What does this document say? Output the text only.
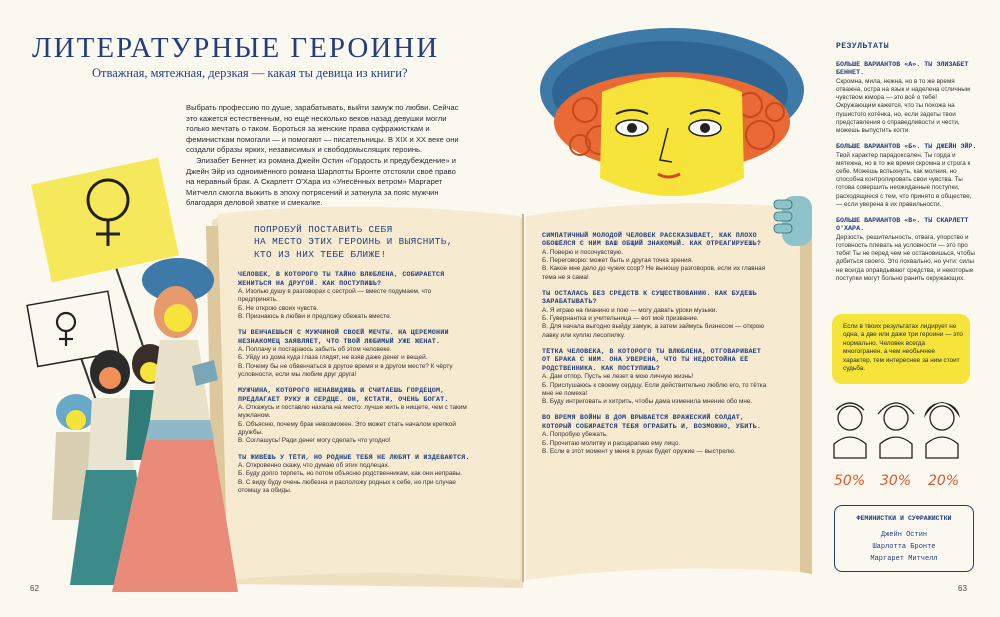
ЛИТЕРАТУРНЫЕ ГЕРОИНИ
Отважная, мятежная, дерзкая — какая ты девица из книги?

Выбрать профессию по душе, зарабатывать, выйти замуж по любви. Сейчас это кажется естественным, но ещё несколько веков назад девушки могли только мечтать о таком. Бороться за женские права суфражисткам и феминисткам помогали — и помогают — писательницы. В XIX и XX веке они создали образы ярких, независимых и свободомыслящих героинь.

Элизабет Беннет из романа Джейн Остин «Гордость и предубеждение» и Джейн Эйр из одноимённого романа Шарлотты Бронте отстояли своё право на неравный брак. А Скарлетт О'Хара из «Унесённых ветром» Маргарет Митчелл смогла выжить в эпоху потрясений и заткнула за пояс мужчин благодаря деловой хватке и смекалке.

ПОПРОБУЙ ПОСТАВИТЬ СЕБЯ
НА МЕСТО ЭТИХ ГЕРОИНЬ И ВЫЯСНИТЬ,
КТО ИЗ НИХ ТЕБЕ БЛИЖЕ!
ЧЕЛОВЕК, В КОТОРОГО ТЫ ТАЙНО ВЛЮБЛЕНА, СОБИРАЕТСЯ ЖЕНИТЬСЯ НА ДРУГОЙ. КАК ПОСТУПИШЬ?
А. Изолью душу в разговорах с сестрой — вместе подумаем, что предпринять.
Б. Не открою своих чувств.
В. Признаюсь в любви и предложу сбежать вместе.
ТЫ ВЕНЧАЕШЬСЯ С МУЖЧИНОЙ СВОЕЙ МЕЧТЫ. НА ЦЕРЕМОНИИ НЕЗНАКОМЕЦ ЗАЯВЛЯЕТ, ЧТО ТВОЙ ЛЮБИМЫЙ УЖЕ ЖЕНАТ.
А. Поплачу и постараюсь забыть об этом человеке.
Б. Уйду из дома куда глаза глядят, не взяв даже денег и вещей.
В. Почему бы не обвенчаться в другое время и в другом месте? К чёрту условности, если мы любим друг друга!
МУЖЧИНА, КОТОРОГО НЕНАВИДИШЬ И СЧИТАЕШЬ ГОРДЕЦОМ, ПРЕДЛАГАЕТ РУКУ И СЕРДЦЕ. ОН, КСТАТИ, ОЧЕНЬ БОГАТ.
А. Откажусь и поставлю нахала на место: лучше жить в нищете, чем с таким мужланом.
Б. Объясню, почему брак невозможен. Это может стать началом крепкой дружбы.
В. Соглашусь! Ради денег могу сделать что угодно!
ТЫ ЖИВЁШЬ У ТЁТИ, НО РОДНЫЕ ТЕБЯ НЕ ЛЮБЯТ И ИЗДЕВАЮТСЯ.
А. Откровенно скажу, что думаю об этих подлецах.
Б. Буду долго терпеть, но потом объясню родственникам, как они неправы.
В. С виду буду очень любезна и расположу родных к себе, но при случае отомщу за обиды.
СИМПАТИЧНЫЙ МОЛОДОЙ ЧЕЛОВЕК РАССКАЗЫВАЕТ, КАК ПЛОХО ОБОШЁЛСЯ С НИМ ВАШ ОБЩИЙ ЗНАКОМЫЙ. КАК ОТРЕАГИРУЕШЬ?
А. Поверю и посочувствую.
Б. Переговорю: может быть и другая точка зрения.
В. Какое мне дело до чужих ссор? Не выношу разговоров, если их главная тема не я сама!
ТЫ ОСТАЛАСЬ БЕЗ СРЕДСТВ К СУЩЕСТВОВАНИЮ. КАК БУДЕШЬ ЗАРАБАТЫВАТЬ?
А. Я играю на пианино и пою — могу давать уроки музыки.
Б. Гувернантка и учительница — вот моё призвание.
В. Для начала выгодно выйду замуж, а затем займусь бизнесом — открою лавку или куплю лесопилку.
ТЁТКА ЧЕЛОВЕКА, В КОТОРОГО ТЫ ВЛЮБЛЕНА, ОТГОВАРИВАЕТ ОТ БРАКА С НИМ. ОНА УВЕРЕНА, ЧТО ТЫ НЕДОСТОЙНА ЕЁ РОДСТВЕННИКА. КАК ПОСТУПИШЬ?
А. Дам отпор. Пусть не лезет в мою личную жизнь!
Б. Прислушаюсь к своему сердцу. Если действительно люблю его, то тётка мне не помеха!
В. Буду интриговать и хитрить, чтобы дама изменила мнение обо мне.
ВО ВРЕМЯ ВОЙНЫ В ДОМ ВРЫВАЕТСЯ ВРАЖЕСКИЙ СОЛДАТ, КОТОРЫЙ СОБИРАЕТСЯ ТЕБЯ ОГРАБИТЬ И, ВОЗМОЖНО, УБИТЬ.
А. Попробую убежать.
Б. Прочитаю молитву и расцарапаю ему лицо.
В. Если в этот момент у меня в руках будет оружие — выстрелю.
РЕЗУЛЬТАТЫ
БОЛЬШЕ ВАРИАНТОВ «А». ТЫ ЭЛИЗАБЕТ БЕННЕТ.
Скромна, мила, нежна, но в то же время отважна, остра на язык и наделена отличным чувством юмора — это всё о тебе! Окружающим кажется, что ты похожа на пушистого котёнка, но, если задеты твои представления о справедливости и чести, можешь выпустить когти.
БОЛЬШЕ ВАРИАНТОВ «Б». ТЫ ДЖЕЙН ЭЙР.
Твой характер парадоксален. Ты горда и мятежна, но в то же время скромна и строга к себе. Можешь вспыхнуть, как молния, но способна контролировать свои чувства. Ты готова совершить неожиданные поступки, расходящиеся с тем, что принято в обществе, — если уверена в их правильности.
БОЛЬШЕ ВАРИАНТОВ «В». ТЫ СКАРЛЕТТ О'ХАРА.
Дерзость, решительность, отвага, упорство и готовность плевать на условности — это про тебя! Ты не перед чем не остановишься, чтобы добиться своего. Это похвально, но учти: силы не всегда оправдывают средства, и некоторые поступки могут больно ранить окружающих.
Если в твоих результатах лидирует не одна, а две или даже три героини — это нормально. Человек всегда многогранен, а чем необычнее характер, тем интереснее за ним стоит судьба.
50% 30% 20%
ФЕМИНИСТКИ И СУФРАЖИСТКИ
Джейн Остин
Шарлотта Бронте
Маргарет Митчелл
62	63
